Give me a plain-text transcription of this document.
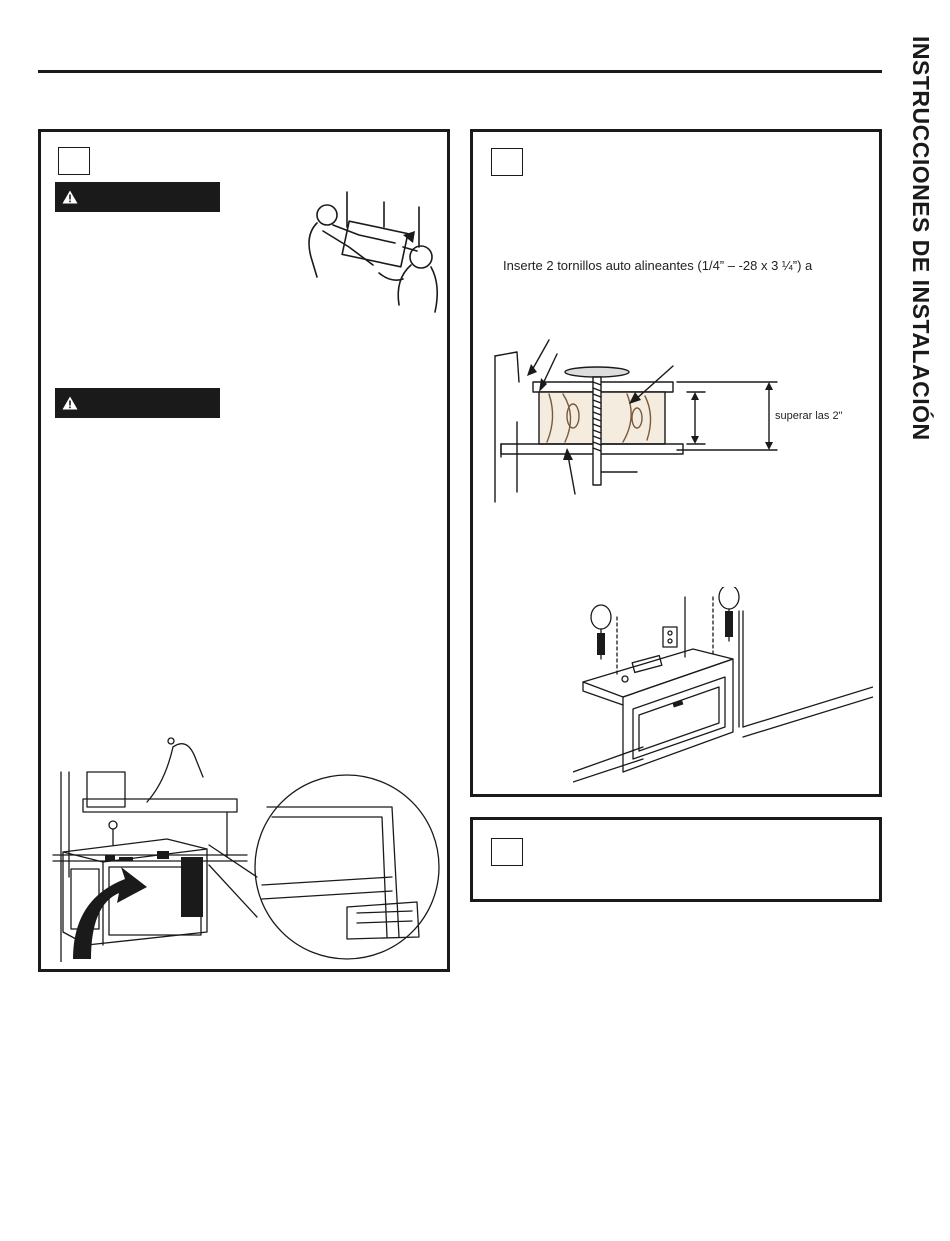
INSTRUCCIONES DE INSTALACIÓN
Inserte 2 tornillos auto alineantes (1/4” – -28 x 3 ¼”) a
superar las 2"
